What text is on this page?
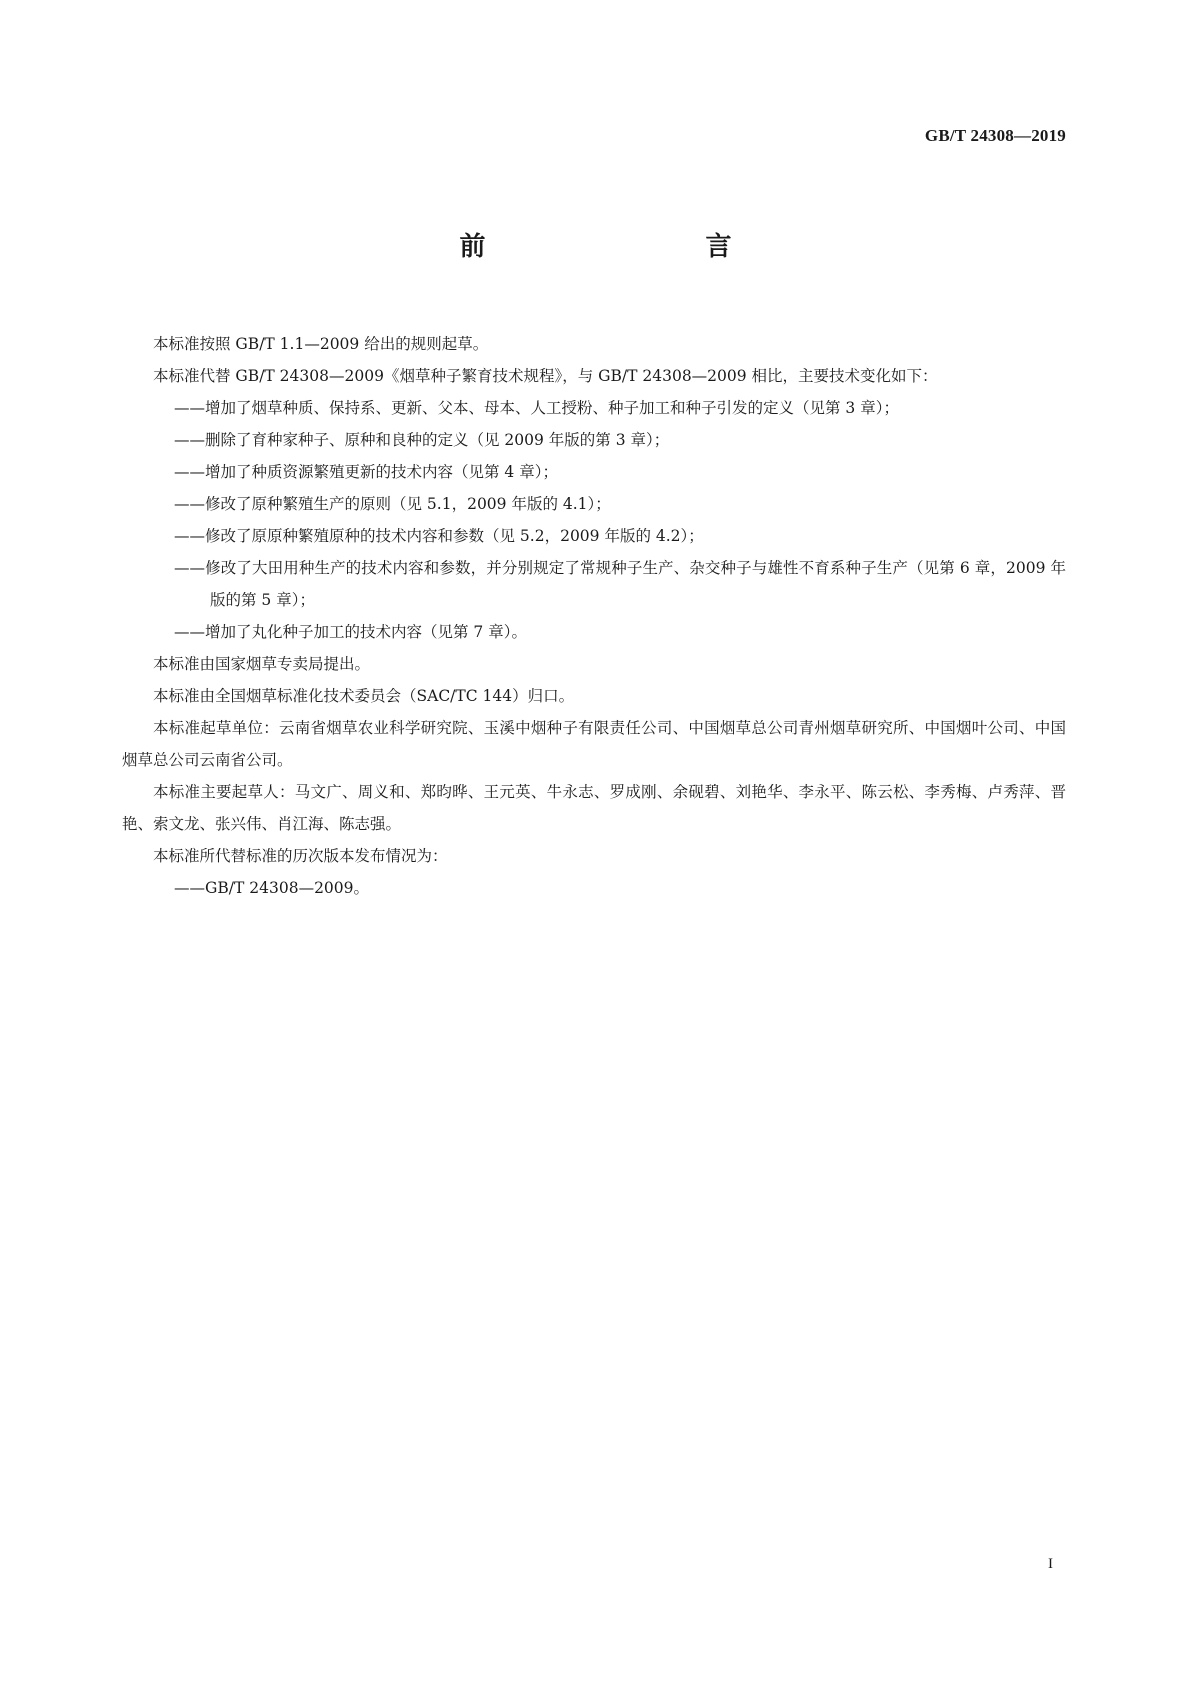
GB/T 24308—2019
前　　言

本标准按照 GB/T 1.1—2009 给出的规则起草。

本标准代替 GB/T 24308—2009《烟草种子繁育技术规程》，与 GB/T 24308—2009 相比，主要技术变化如下：

——增加了烟草种质、保持系、更新、父本、母本、人工授粉、种子加工和种子引发的定义（见第 3 章）；

——删除了育种家种子、原种和良种的定义（见 2009 年版的第 3 章）；

——增加了种质资源繁殖更新的技术内容（见第 4 章）；

——修改了原种繁殖生产的原则（见 5.1，2009 年版的 4.1）；

——修改了原原种繁殖原种的技术内容和参数（见 5.2，2009 年版的 4.2）；

——修改了大田用种生产的技术内容和参数，并分别规定了常规种子生产、杂交种子与雄性不育系种子生产（见第 6 章，2009 年版的第 5 章）；

——增加了丸化种子加工的技术内容（见第 7 章）。

本标准由国家烟草专卖局提出。

本标准由全国烟草标准化技术委员会（SAC/TC 144）归口。

本标准起草单位：云南省烟草农业科学研究院、玉溪中烟种子有限责任公司、中国烟草总公司青州烟草研究所、中国烟叶公司、中国烟草总公司云南省公司。

本标准主要起草人：马文广、周义和、郑昀晔、王元英、牛永志、罗成刚、余砚碧、刘艳华、李永平、陈云松、李秀梅、卢秀萍、晋艳、索文龙、张兴伟、肖江海、陈志强。

本标准所代替标准的历次版本发布情况为：

——GB/T 24308—2009。

I
